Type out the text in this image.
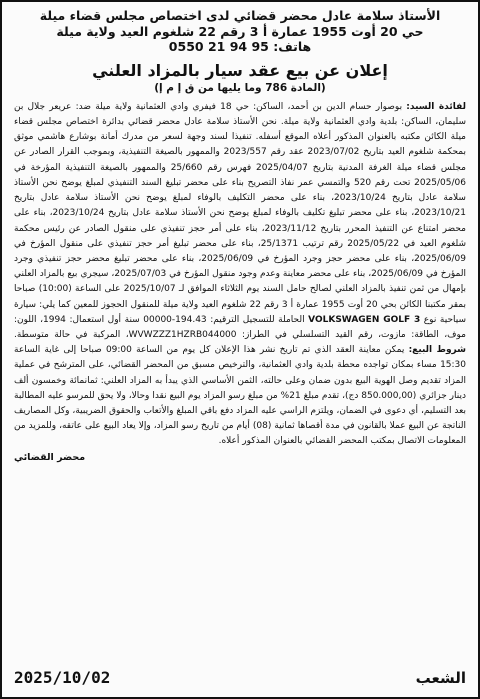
الأستاذ سلامة عادل محضر قضائي لدى اختصاص مجلس قضاء ميلة
حي 20 أوت 1955 عمارة أ 3 رقم 22 شلغوم العيد ولاية ميلة
هاتف: 95 94 21 0550
إعلان عن بيع عقد سيار بالمزاد العلني
(المادة 786 وما يليها من ق إ م إ)
لفائدة السيد: بوصوار حسام الدين بن أحمد، الساكن: حي 18 فيفري وادي العثمانية ولاية ميلة ضد: عريعر جلال بن سليمان، الساكن: بلدية وادي العثمانية ولاية ميلة. نحن الأستاذ سلامة عادل محضر قضائي بدائرة اختصاص مجلس قضاء ميلة الكائن مكتبه بالعنوان المذكور أعلاه الموقع أسفله. تنفيذا لسند وجهة لسعر من مدرك أمانة بوشارع هاشمي موثق بمحكمة شلغوم العيد بتاريخ 2023/07/02 عقد رقم 2023/557 والممهور بالصيغة التنفيذية، وبموجب القرار الصادر عن مجلس قضاء ميلة الغرفة المدنية بتاريخ 2025/04/07 فهرس رقم 25/660 والممهور بالصيغة التنفيذية المؤرخة في 2025/05/06 تحت رقم 520 والتمسي عمر نفاذ التصريح بناء على محضر تبليغ السند التنفيذي لمبلغ يوضح نحن الأستاذ سلامة عادل بتاريخ 2023/10/24، بناء على محضر التكليف بالوفاء لمبلغ يوضح نحن الأستاذ سلامة عادل بتاريخ 2023/10/21، بناء على محضر تبليغ تكليف بالوفاء لمبلغ يوضح نحن الأستاذ سلامة عادل بتاريخ 2023/10/24، بناء على محضر امتناع عن التنفيذ المحرر بتاريخ 2023/11/12، بناء على أمر حجز تنفيذي على منقول الصادر عن رئيس محكمة شلغوم العيد في 2025/05/22 رقم ترتيب 25/1371، بناء على محضر تبليغ أمر حجز تنفيذي على منقول المؤرخ في 2025/06/09، بناء على محضر حجز وجرد المؤرخ في 2025/06/09، بناء على محضر تبليغ محضر حجز تنفيذي وجرد المؤرخ في 2025/06/09، بناء على محضر معاينة وعدم وجود منقول المؤرخ في 2025/07/03، سيجري بيع بالمزاد العلني بإمهال من ثمن تنفيذ بالمزاد العلني لصالح حامل السند يوم الثلاثاء الموافق لـ 2025/10/07 على الساعة (10:00) صباحا بمقر مكتبنا الكائن بحي 20 أوت 1955 عمارة أ 3 رقم 22 شلغوم العيد ولاية ميلة للمنقول الحجوز للمعين كما يلي: سيارة سياحية نوع VOLKSWAGEN GOLF 3 الحاملة للتسجيل الترقيم: 194.43-00000 سنة أول استعمال: 1994، اللون: موف، الطاقة: مازوت، رقم القيد التسلسلي في الطراز: WVWZZZ1HZRB044000، المركبة في حالة متوسطة. شروط البيع: يمكن معاينة العقد الذي تم تاريخ نشر هذا الإعلان كل يوم من الساعة 09:00 صباحا إلى غاية الساعة 15:30 مساء بمكان تواجده محطة بلدية وادي العثمانية، والترخيص مسبق من المحضر القضائي، على المترشح في عملية المزاد تقديم وصل الهوية البيع بدون ضمان وعلى حالته، الثمن الأساسي الذي يبدأ به المزاد العلني: ثمانمائة وخمسون ألف دينار جزائري (850.000,00 دج)، تقدم مبلغ 21% من مبلغ رسو المزاد يوم البيع نقدا وحالا، ولا يحق للمرسو عليه المطالبة بعد التسليم، أي دعوى في الضمان، ويلتزم الراسي عليه المزاد دفع باقي المبلغ والأتعاب والحقوق الضريبية، وكل المصاريف الناتجة عن البيع عملا بالقانون في مدة أقصاها ثمانية (08) أيام من تاريخ رسو المزاد، وإلا يعاد البيع على عاتقه، وللمزيد من المعلومات الاتصال بمكتب المحضر القضائي بالعنوان المذكور أعلاه.
محضر القضائي
الشعب
2025/10/02
